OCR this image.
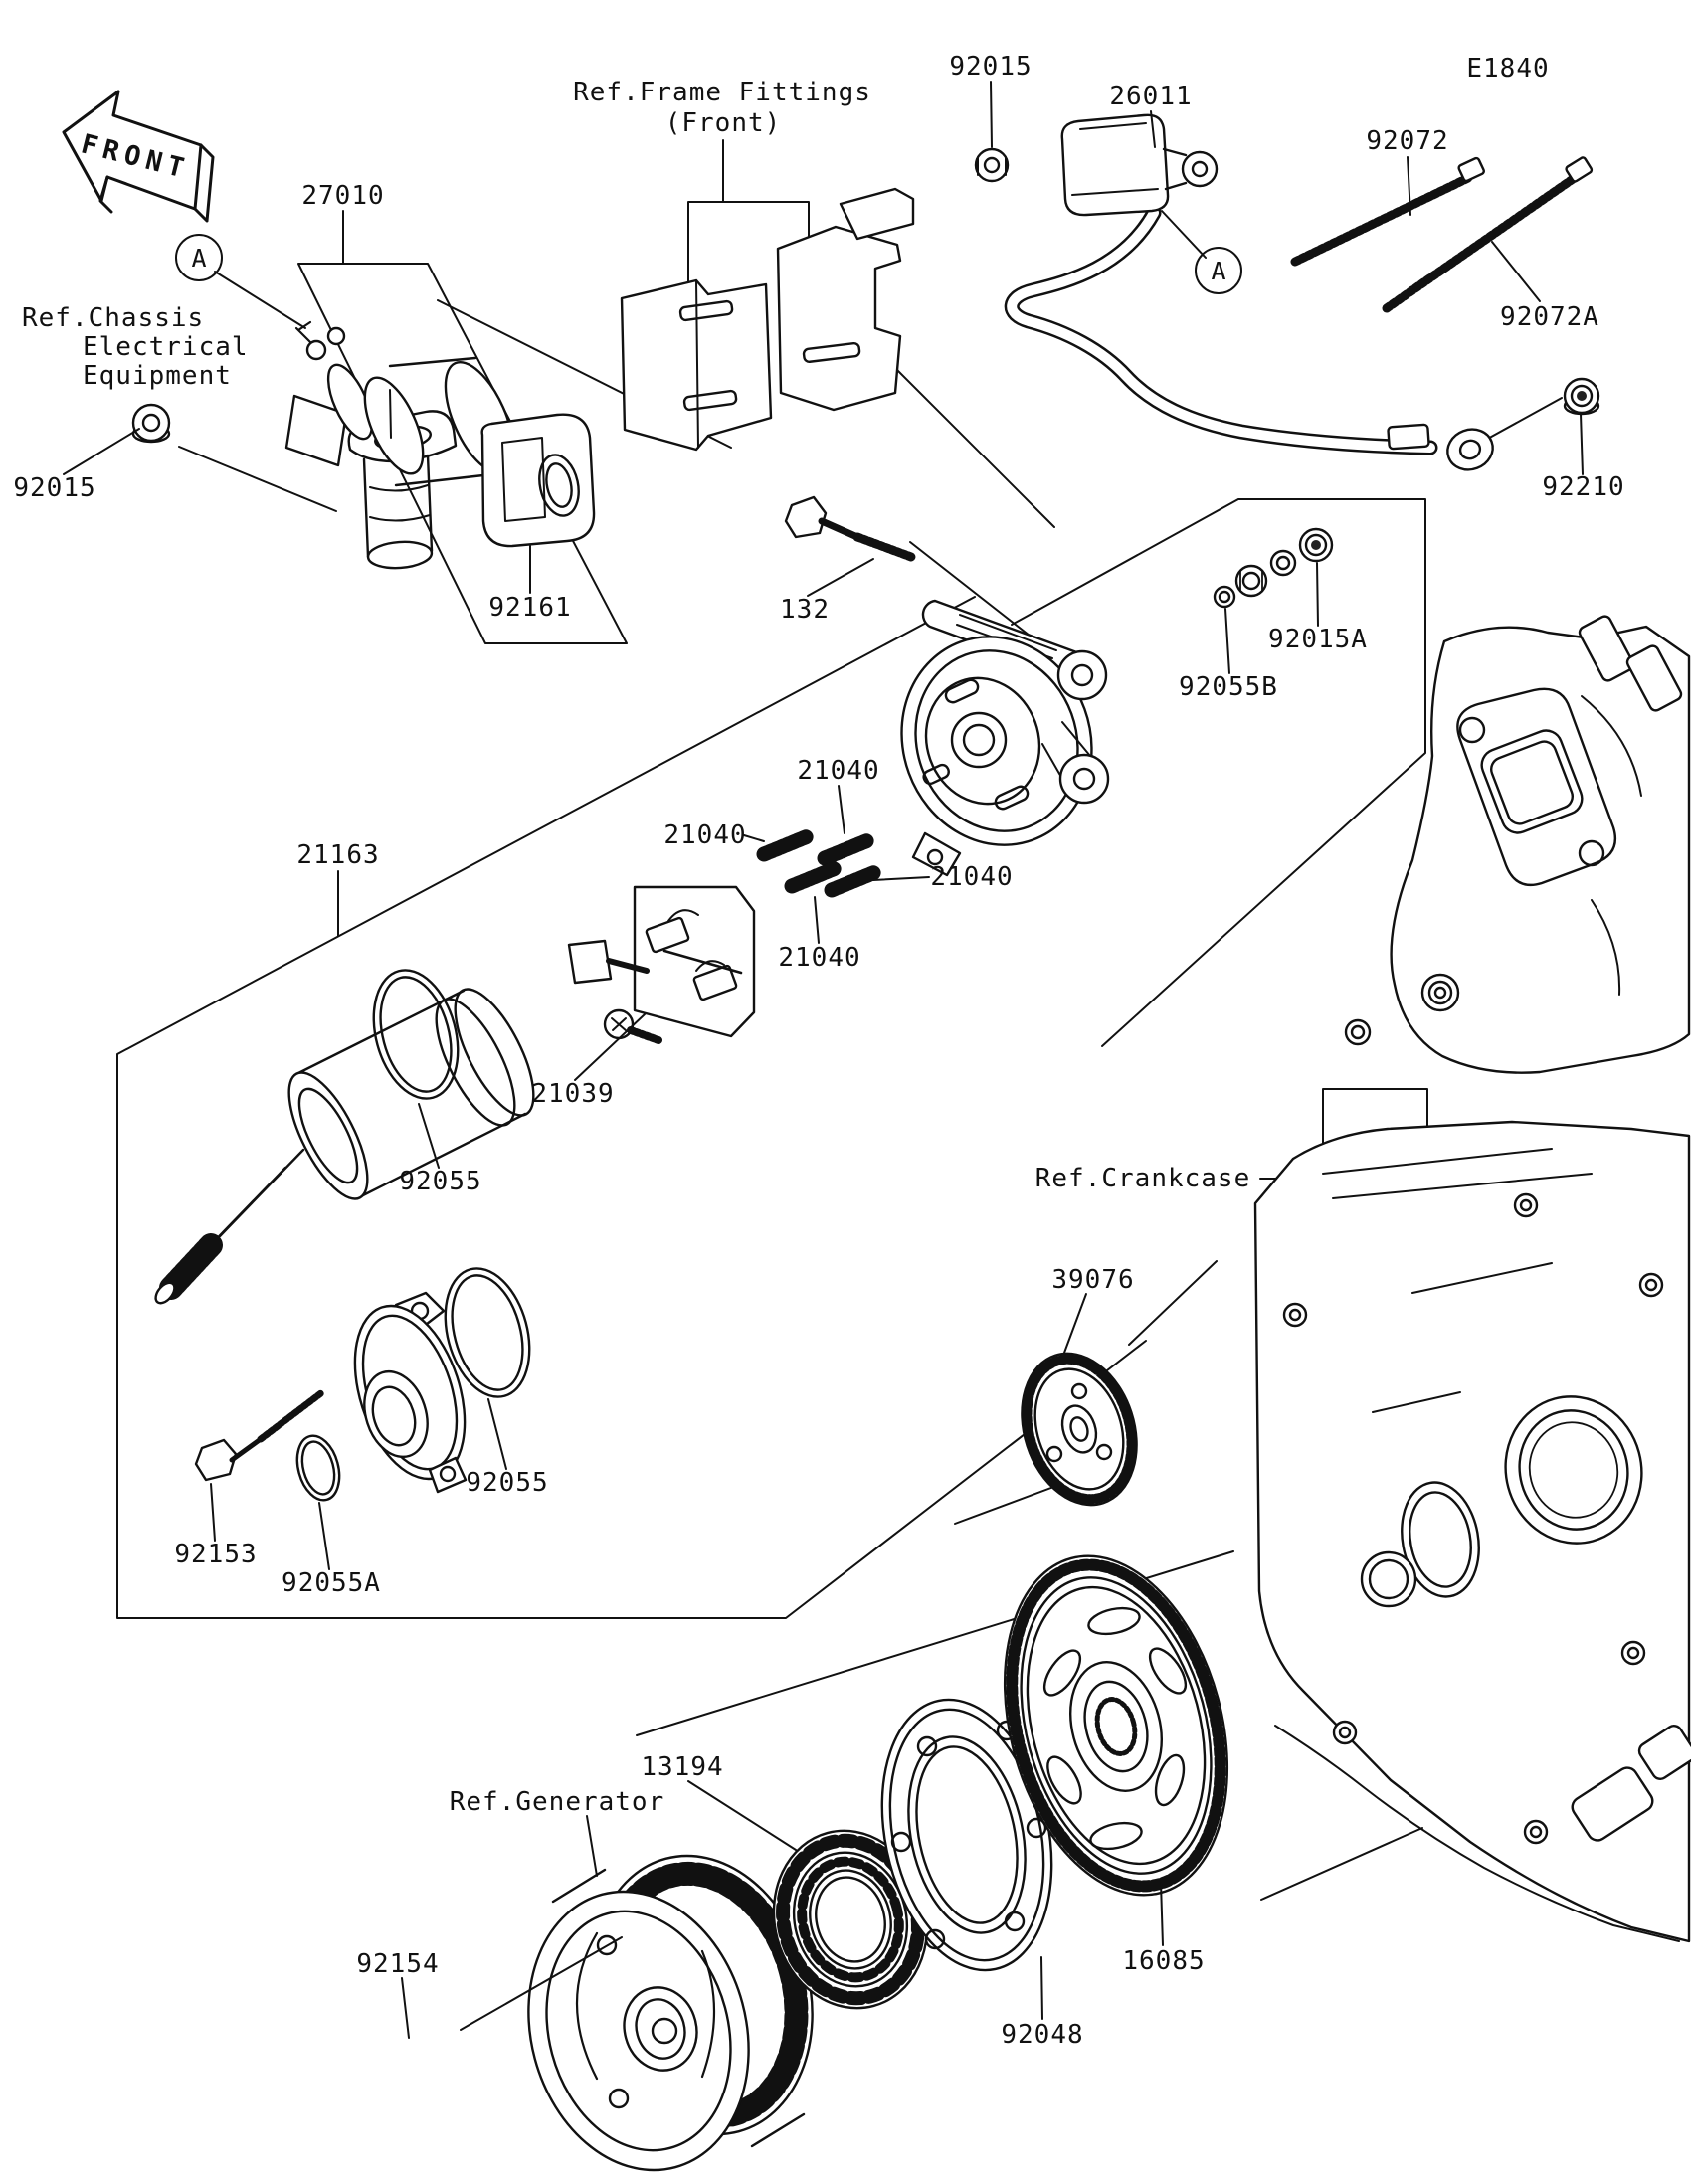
FRONT
92015
26011
E1840
92072
92072A
92210
Ref.Frame Fittings
(Front)
27010
A	A
Ref.Chassis
Electrical
Equipment
92015
92161	132
92015A
92055B
21040
21040
21040
21040
21163
21039
92055	Ref.Crankcase
39076
92055
92153
92055A
Ref.Generator
13194
92154	16085
92048
